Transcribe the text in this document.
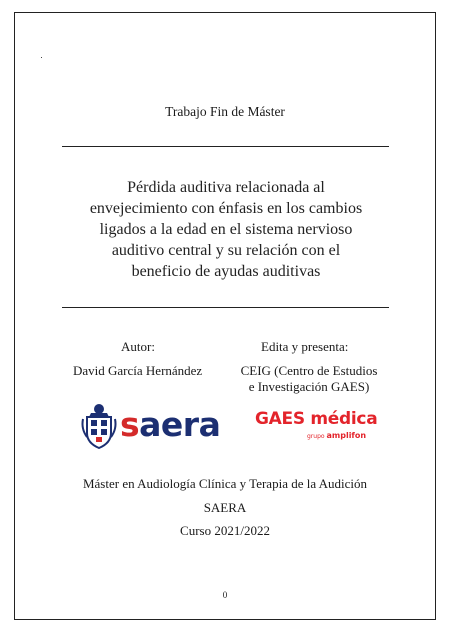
Trabajo Fin de Máster
Pérdida auditiva relacionada al
envejecimiento con énfasis en los cambios
ligados a la edad en el sistema nervioso
auditivo central y su relación con el
beneficio de ayudas auditivas
Autor:
David García Hernández
Edita y presenta:
CEIG (Centro de Estudios
e Investigación GAES)
saera GAES médica
grupo amplifon
Máster en Audiología Clínica y Terapia de la Audición
SAERA
Curso 2021/2022
0
